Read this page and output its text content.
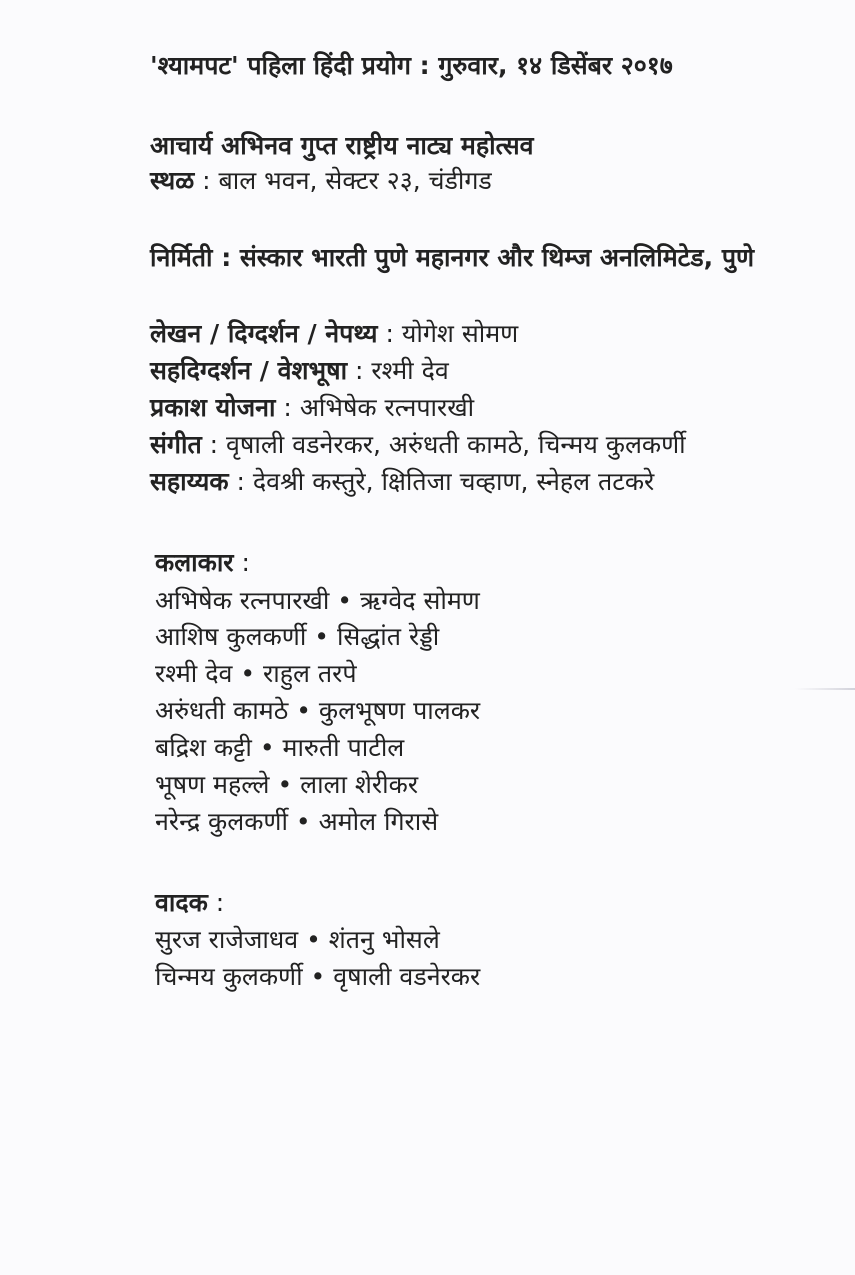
'श्यामपट' पहिला हिंदी प्रयोग : गुरुवार, १४ डिसेंबर २०१७
आचार्य अभिनव गुप्त राष्ट्रीय नाट्य महोत्सव
स्थळ : बाल भवन, सेक्टर २३, चंडीगड
निर्मिती : संस्कार भारती पुणे महानगर और थिम्ज अनलिमिटेड, पुणे
लेखन / दिग्दर्शन / नेपथ्य : योगेश सोमण
सहदिग्दर्शन / वेशभूषा : रश्मी देव
प्रकाश योजना : अभिषेक रत्नपारखी
संगीत : वृषाली वडनेरकर, अरुंधती कामठे, चिन्मय कुलकर्णी
सहाय्यक : देवश्री कस्तुरे, क्षितिजा चव्हाण, स्नेहल तटकरे
कलाकार :
अभिषेक रत्नपारखी • ऋग्वेद सोमण
आशिष कुलकर्णी • सिद्धांत रेड्डी
रश्मी देव • राहुल तरपे
अरुंधती कामठे • कुलभूषण पालकर
बद्रिश कट्टी • मारुती पाटील
भूषण महल्ले • लाला शेरीकर
नरेन्द्र कुलकर्णी • अमोल गिरासे
वादक :
सुरज राजेजाधव • शंतनु भोसले
चिन्मय कुलकर्णी • वृषाली वडनेरकर
